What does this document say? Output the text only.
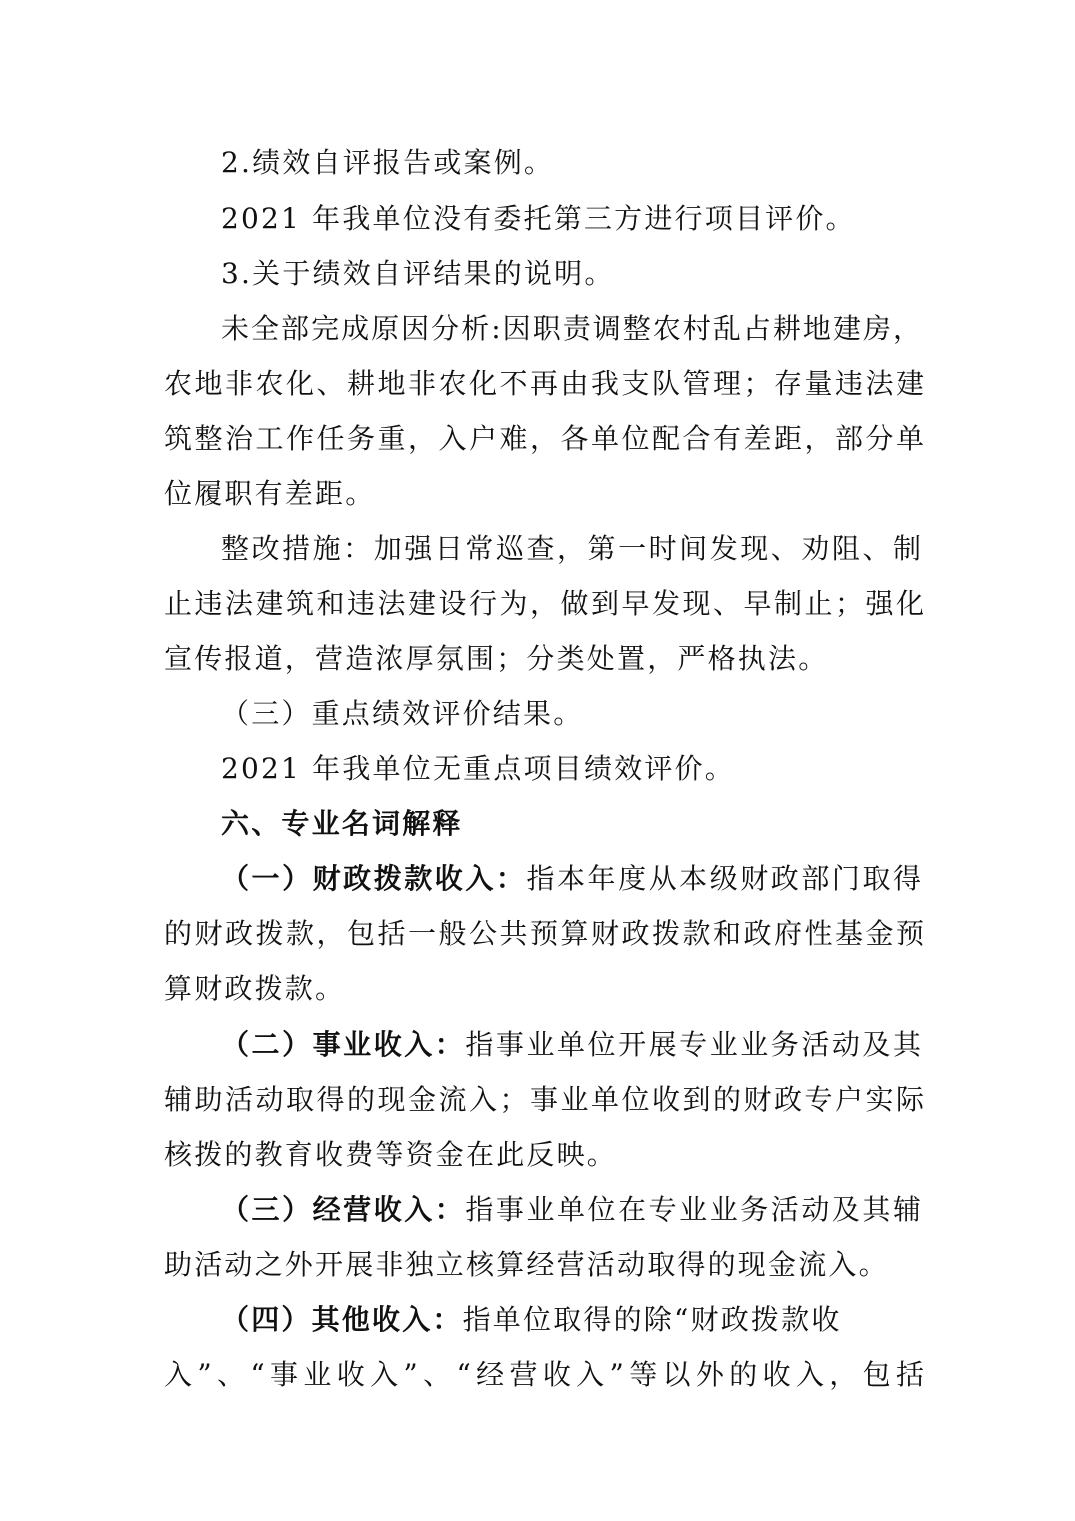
2.绩效自评报告或案例。
2021 年我单位没有委托第三方进行项目评价。
3.关于绩效自评结果的说明。
未全部完成原因分析:因职责调整农村乱占耕地建房，
农地非农化、耕地非农化不再由我支队管理；存量违法建
筑整治工作任务重，入户难，各单位配合有差距，部分单
位履职有差距。
整改措施：加强日常巡查，第一时间发现、劝阻、制
止违法建筑和违法建设行为，做到早发现、早制止；强化
宣传报道，营造浓厚氛围；分类处置，严格执法。
（三）重点绩效评价结果。
2021 年我单位无重点项目绩效评价。
六、专业名词解释
（一）财政拨款收入：指本年度从本级财政部门取得
的财政拨款，包括一般公共预算财政拨款和政府性基金预
算财政拨款。
（二）事业收入：指事业单位开展专业业务活动及其
辅助活动取得的现金流入；事业单位收到的财政专户实际
核拨的教育收费等资金在此反映。
（三）经营收入：指事业单位在专业业务活动及其辅
助活动之外开展非独立核算经营活动取得的现金流入。
（四）其他收入：指单位取得的除“财政拨款收
入”、“事业收入”、“经营收入”等以外的收入，包括
